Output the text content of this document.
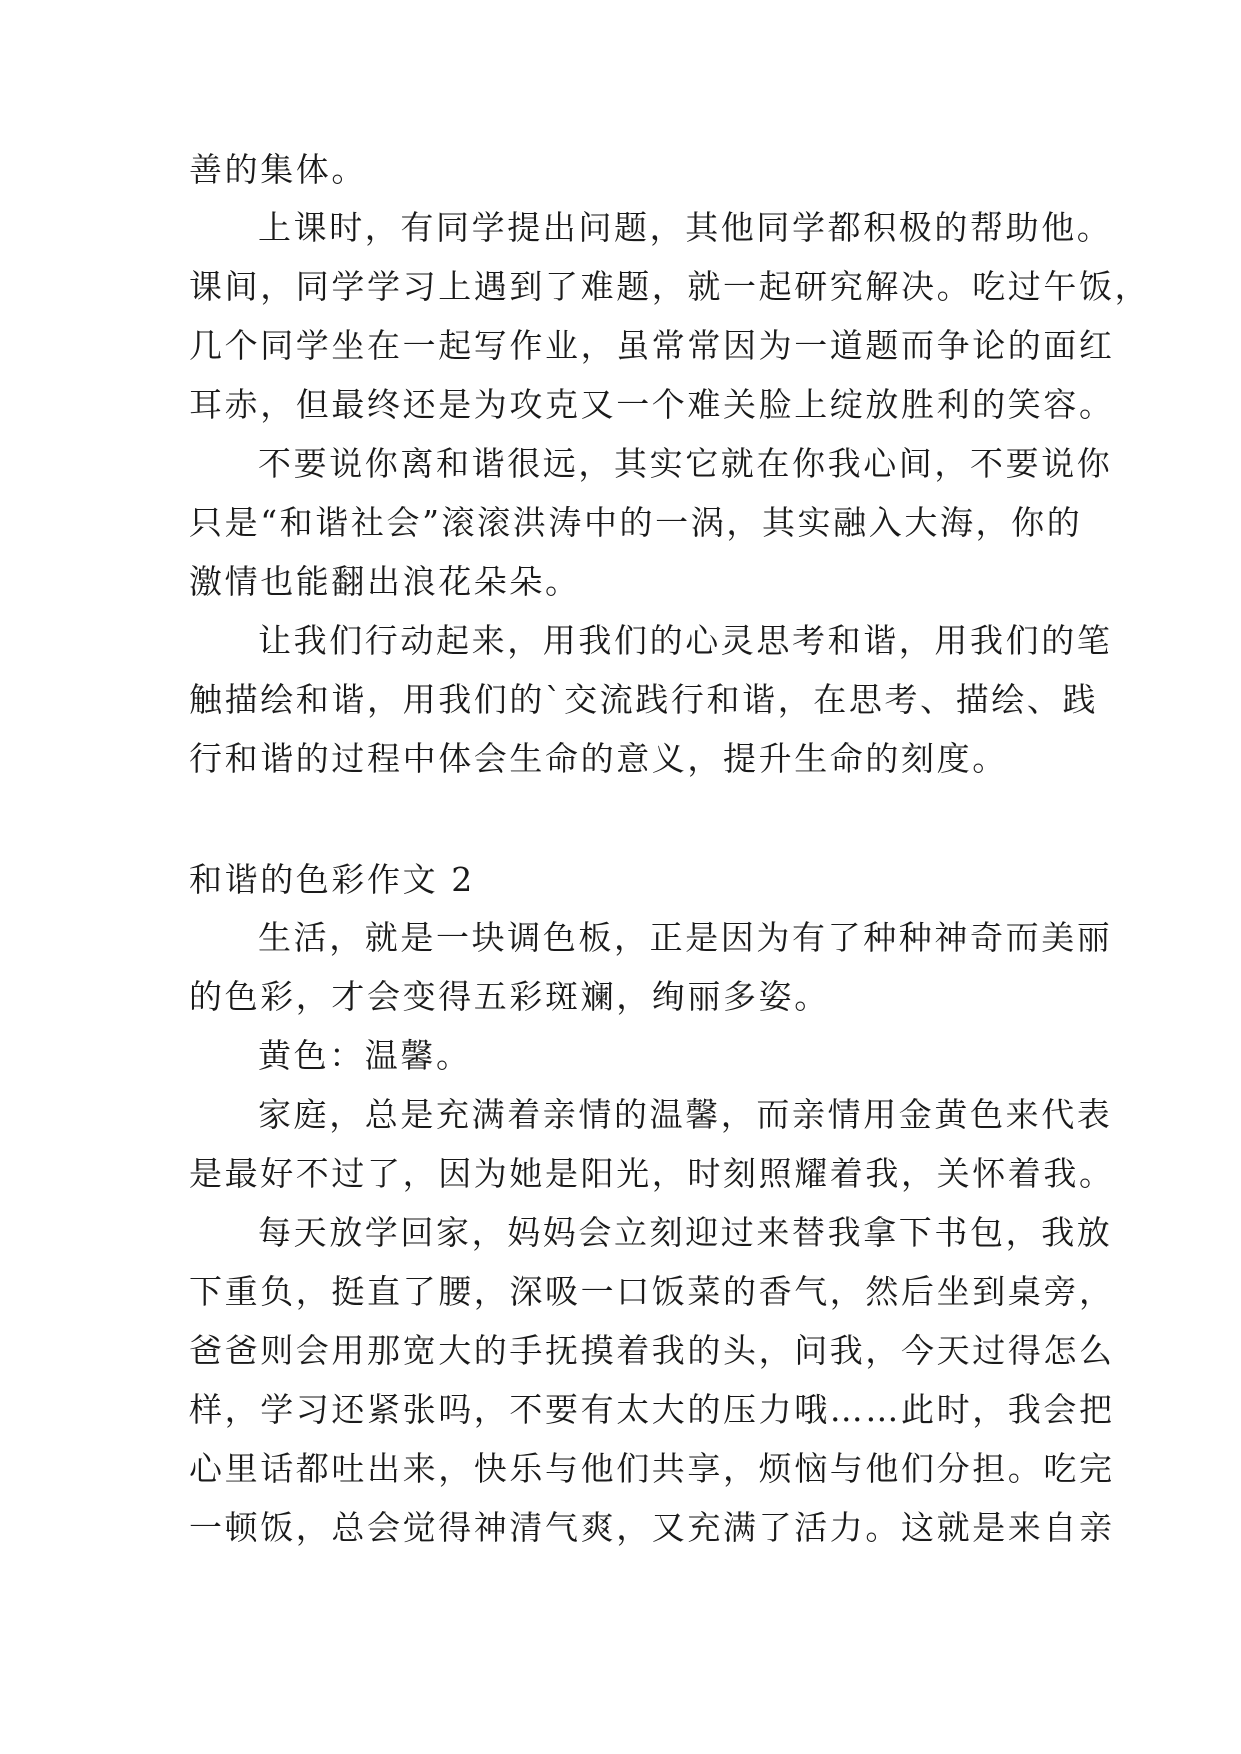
善的集体。

上课时，有同学提出问题，其他同学都积极的帮助他。

课间，同学学习上遇到了难题，就一起研究解决。吃过午饭，

几个同学坐在一起写作业，虽常常因为一道题而争论的面红

耳赤，但最终还是为攻克又一个难关脸上绽放胜利的笑容。

不要说你离和谐很远，其实它就在你我心间，不要说你

只是“和谐社会”滚滚洪涛中的一涡，其实融入大海，你的

激情也能翻出浪花朵朵。

让我们行动起来，用我们的心灵思考和谐，用我们的笔

触描绘和谐，用我们的`交流践行和谐，在思考、描绘、践

行和谐的过程中体会生命的意义，提升生命的刻度。

和谐的色彩作文 2

生活，就是一块调色板，正是因为有了种种神奇而美丽

的色彩，才会变得五彩斑斓，绚丽多姿。

黄色：温馨。

家庭，总是充满着亲情的温馨，而亲情用金黄色来代表

是最好不过了，因为她是阳光，时刻照耀着我，关怀着我。

每天放学回家，妈妈会立刻迎过来替我拿下书包，我放

下重负，挺直了腰，深吸一口饭菜的香气，然后坐到桌旁，

爸爸则会用那宽大的手抚摸着我的头，问我，今天过得怎么

样，学习还紧张吗，不要有太大的压力哦……此时，我会把

心里话都吐出来，快乐与他们共享，烦恼与他们分担。吃完

一顿饭，总会觉得神清气爽，又充满了活力。这就是来自亲
